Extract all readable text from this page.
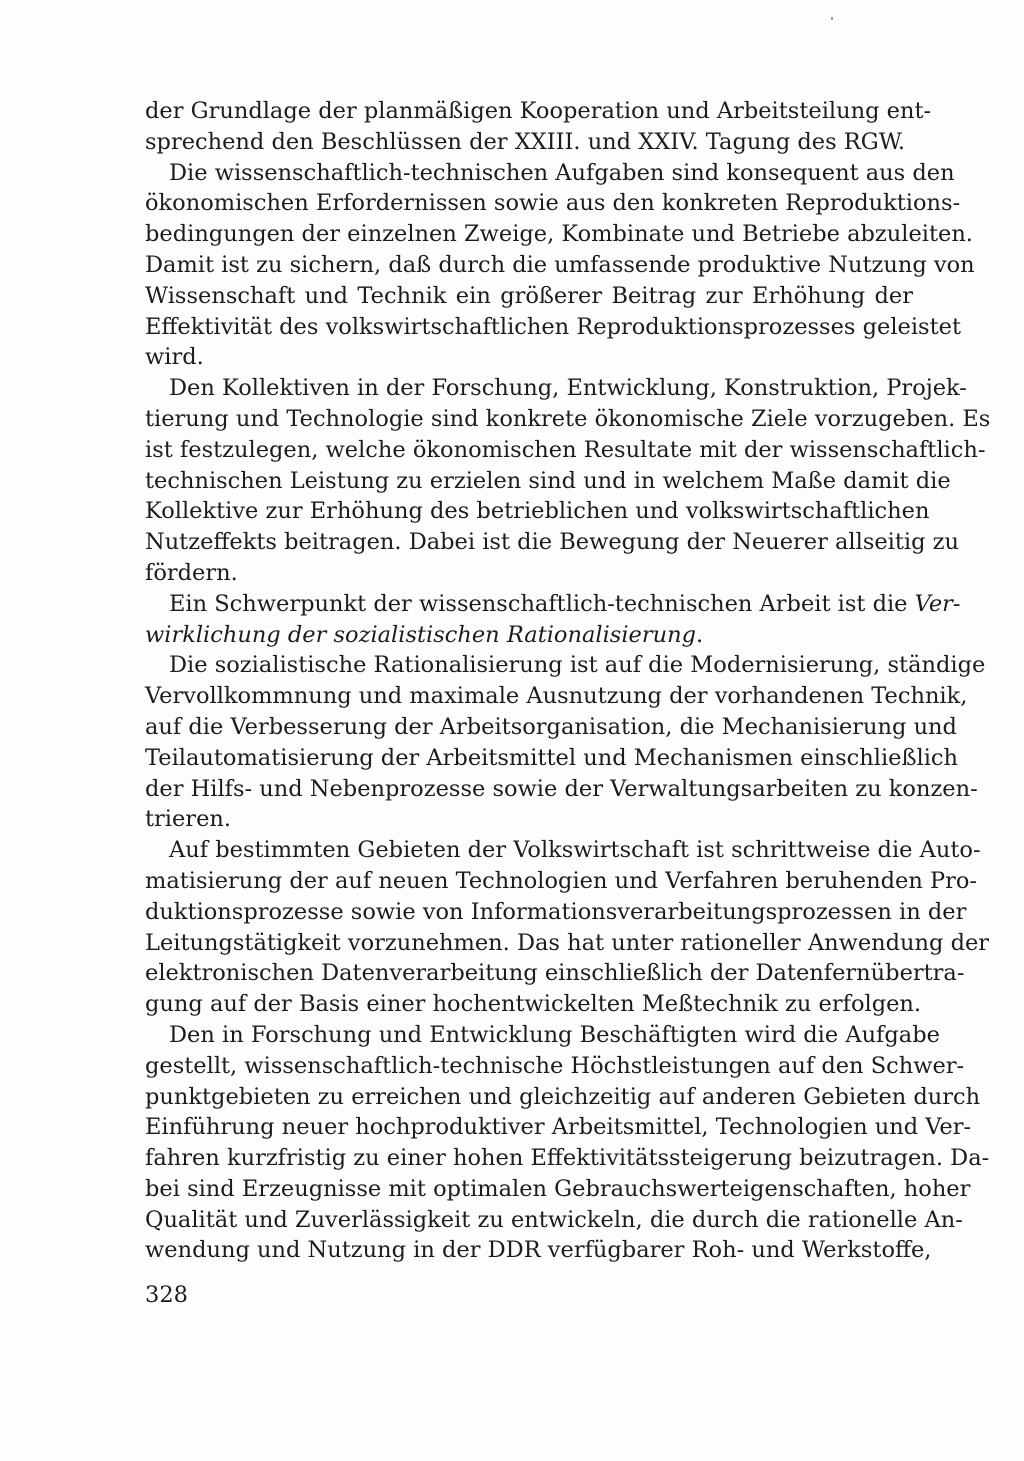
der Grundlage der planmäßigen Kooperation und Arbeitsteilung ent-
sprechend den Beschlüssen der XXIII. und XXIV. Tagung des RGW.
Die wissenschaftlich-technischen Aufgaben sind konsequent aus den
ökonomischen Erfordernissen sowie aus den konkreten Reproduktions-
bedingungen der einzelnen Zweige, Kombinate und Betriebe abzuleiten.
Damit ist zu sichern, daß durch die umfassende produktive Nutzung von
Wissenschaft und Technik ein größerer Beitrag zur Erhöhung der
Effektivität des volkswirtschaftlichen Reproduktionsprozesses geleistet
wird.
Den Kollektiven in der Forschung, Entwicklung, Konstruktion, Projek-
tierung und Technologie sind konkrete ökonomische Ziele vorzugeben. Es
ist festzulegen, welche ökonomischen Resultate mit der wissenschaftlich-
technischen Leistung zu erzielen sind und in welchem Maße damit die
Kollektive zur Erhöhung des betrieblichen und volkswirtschaftlichen
Nutzeffekts beitragen. Dabei ist die Bewegung der Neuerer allseitig zu
fördern.
Ein Schwerpunkt der wissenschaftlich-technischen Arbeit ist die Ver-
wirklichung der sozialistischen Rationalisierung.
Die sozialistische Rationalisierung ist auf die Modernisierung, ständige
Vervollkommnung und maximale Ausnutzung der vorhandenen Technik,
auf die Verbesserung der Arbeitsorganisation, die Mechanisierung und
Teilautomatisierung der Arbeitsmittel und Mechanismen einschließlich
der Hilfs- und Nebenprozesse sowie der Verwaltungsarbeiten zu konzen-
trieren.
Auf bestimmten Gebieten der Volkswirtschaft ist schrittweise die Auto-
matisierung der auf neuen Technologien und Verfahren beruhenden Pro-
duktionsprozesse sowie von Informationsverarbeitungsprozessen in der
Leitungstätigkeit vorzunehmen. Das hat unter rationeller Anwendung der
elektronischen Datenverarbeitung einschließlich der Datenfernübertra-
gung auf der Basis einer hochentwickelten Meßtechnik zu erfolgen.
Den in Forschung und Entwicklung Beschäftigten wird die Aufgabe
gestellt, wissenschaftlich-technische Höchstleistungen auf den Schwer-
punktgebieten zu erreichen und gleichzeitig auf anderen Gebieten durch
Einführung neuer hochproduktiver Arbeitsmittel, Technologien und Ver-
fahren kurzfristig zu einer hohen Effektivitätssteigerung beizutragen. Da-
bei sind Erzeugnisse mit optimalen Gebrauchswerteigenschaften, hoher
Qualität und Zuverlässigkeit zu entwickeln, die durch die rationelle An-
wendung und Nutzung in der DDR verfügbarer Roh- und Werkstoffe,
328
